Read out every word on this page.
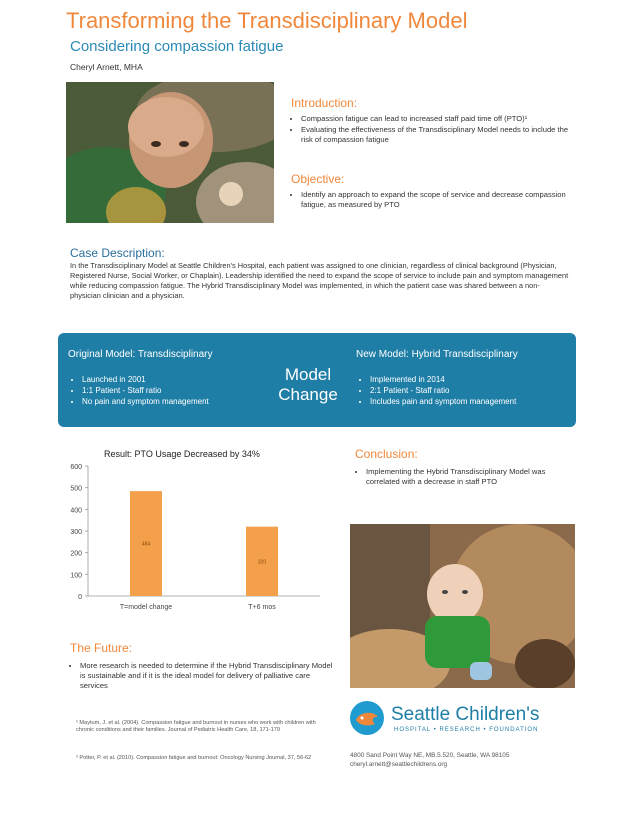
Transforming the Transdisciplinary Model
Considering compassion fatigue
Cheryl Arnett, MHA
Introduction:
• Compassion fatigue can lead to increased staff paid time off (PTO)¹
• Evaluating the effectiveness of the Transdisciplinary Model needs to include the risk of compassion fatigue
Objective:
• Identify an approach to expand the scope of service and decrease compassion fatigue, as measured by PTO
Case Description:
In the Transdisciplinary Model at Seattle Children's Hospital, each patient was assigned to one clinician, regardless of clinical background (Physician, Registered Nurse, Social Worker, or Chaplain). Leadership identified the need to expand the scope of service to include pain and symptom management while reducing compassion fatigue. The Hybrid Transdisciplinary Model was implemented, in which the patient case was shared between a non-physician clinician and a physician.
Original Model: Transdisciplinary
• Launched in 2001
• 1:1 Patient - Staff ratio
• No pain and symptom management
Model
Change
New Model: Hybrid Transdisciplinary
• Implemented in 2014
• 2:1 Patient - Staff ratio
• Includes pain and symptom management
Result: PTO Usage Decreased by 34%
0
100
200
300
400
500
600
484
T=model change
320
T+6 mos
Conclusion:
• Implementing the Hybrid Transdisciplinary Model was correlated with a decrease in staff PTO
The Future:
• More research is needed to determine if the Hybrid Transdisciplinary Model is sustainable and if it is the ideal model for delivery of palliative care services
¹ Maytum, J. et al. (2004). Compassion fatigue and burnout in nurses who work with children with chronic conditions and their families. Journal of Pediatric Health Care, 18, 171-179
² Potter, P. et al. (2010). Compassion fatigue and burnout: Oncology Nursing Journal, 37, 56-62
Seattle Children's
HOSPITAL • RESEARCH • FOUNDATION
4800 Sand Point Way NE, MB.5.520, Seattle, WA 98105
cheryl.arnett@seattlechildrens.org
